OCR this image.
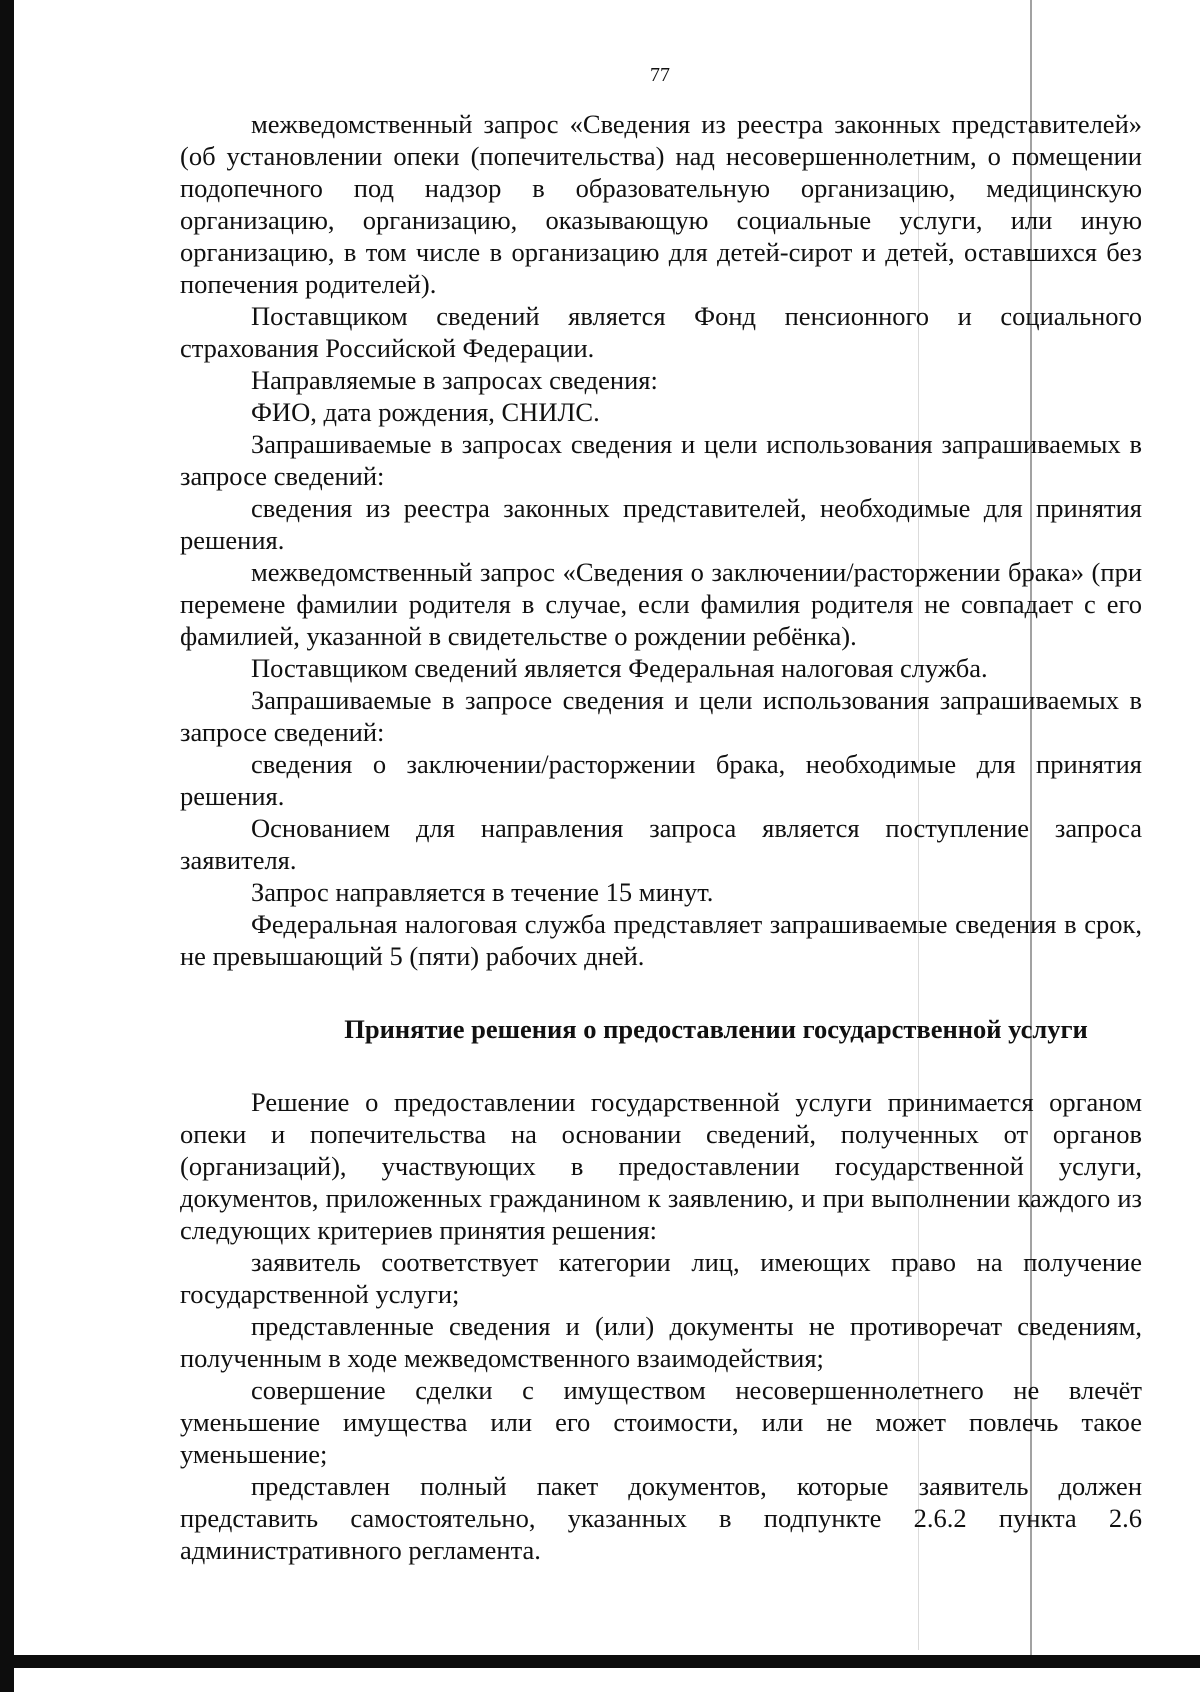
77

межведомственный запрос «Сведения из реестра законных представителей» (об установлении опеки (попечительства) над несовершеннолетним, о помещении подопечного под надзор в образовательную организацию, медицинскую организацию, организацию, оказывающую социальные услуги, или иную организацию, в том числе в организацию для детей-сирот и детей, оставшихся без попечения родителей).

Поставщиком сведений является Фонд пенсионного и социального страхования Российской Федерации.

Направляемые в запросах сведения:

ФИО, дата рождения, СНИЛС.

Запрашиваемые в запросах сведения и цели использования запрашиваемых в запросе сведений:

сведения из реестра законных представителей, необходимые для принятия решения.

межведомственный запрос «Сведения о заключении/расторжении брака» (при перемене фамилии родителя в случае, если фамилия родителя не совпадает с его фамилией, указанной в свидетельстве о рождении ребёнка).

Поставщиком сведений является Федеральная налоговая служба.

Запрашиваемые в запросе сведения и цели использования запрашиваемых в запросе сведений:

сведения о заключении/расторжении брака, необходимые для принятия решения.

Основанием для направления запроса является поступление запроса заявителя.

Запрос направляется в течение 15 минут.

Федеральная налоговая служба представляет запрашиваемые сведения в срок, не превышающий 5 (пяти) рабочих дней.

Принятие решения о предоставлении государственной услуги

Решение о предоставлении государственной услуги принимается органом опеки и попечительства на основании сведений, полученных от органов (организаций), участвующих в предоставлении государственной услуги, документов, приложенных гражданином к заявлению, и при выполнении каждого из следующих критериев принятия решения:

заявитель соответствует категории лиц, имеющих право на получение государственной услуги;

представленные сведения и (или) документы не противоречат сведениям, полученным в ходе межведомственного взаимодействия;

совершение сделки с имуществом несовершеннолетнего не влечёт уменьшение имущества или его стоимости, или не может повлечь такое уменьшение;

представлен полный пакет документов, которые заявитель должен представить самостоятельно, указанных в подпункте 2.6.2 пункта 2.6 административного регламента.
